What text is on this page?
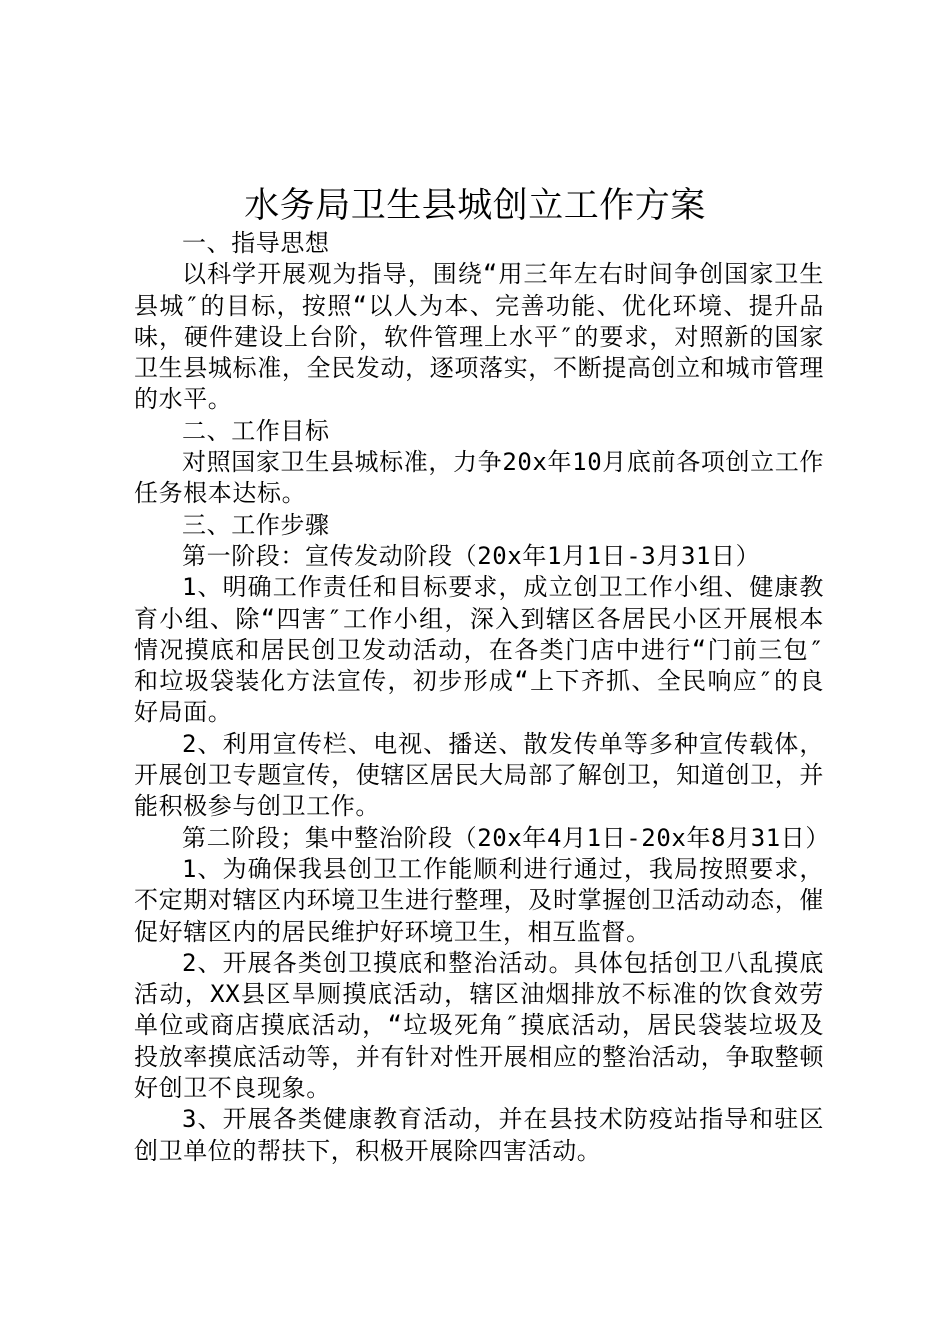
水务局卫生县城创立工作方案

一、指导思想

以科学开展观为指导，围绕“用三年左右时间争创国家卫生县城″的目标，按照“以人为本、完善功能、优化环境、提升品味，硬件建设上台阶，软件管理上水平″的要求，对照新的国家卫生县城标准，全民发动，逐项落实，不断提高创立和城市管理的水平。

二、工作目标

对照国家卫生县城标准，力争20x年10月底前各项创立工作任务根本达标。

三、工作步骤

第一阶段：宣传发动阶段（20x年1月1日-3月31日）

1、明确工作责任和目标要求，成立创卫工作小组、健康教育小组、除“四害″工作小组，深入到辖区各居民小区开展根本情况摸底和居民创卫发动活动，在各类门店中进行“门前三包″和垃圾袋装化方法宣传，初步形成“上下齐抓、全民响应″的良好局面。

2、利用宣传栏、电视、播送、散发传单等多种宣传载体，开展创卫专题宣传，使辖区居民大局部了解创卫，知道创卫，并能积极参与创卫工作。

第二阶段；集中整治阶段（20x年4月1日-20x年8月31日）

1、为确保我县创卫工作能顺利进行通过，我局按照要求，不定期对辖区内环境卫生进行整理，及时掌握创卫活动动态，催促好辖区内的居民维护好环境卫生，相互监督。

2、开展各类创卫摸底和整治活动。具体包括创卫八乱摸底活动，XX县区旱厕摸底活动，辖区油烟排放不标准的饮食效劳单位或商店摸底活动，“垃圾死角″摸底活动，居民袋装垃圾及投放率摸底活动等，并有针对性开展相应的整治活动，争取整顿好创卫不良现象。

3、开展各类健康教育活动，并在县技术防疫站指导和驻区创卫单位的帮扶下，积极开展除四害活动。
